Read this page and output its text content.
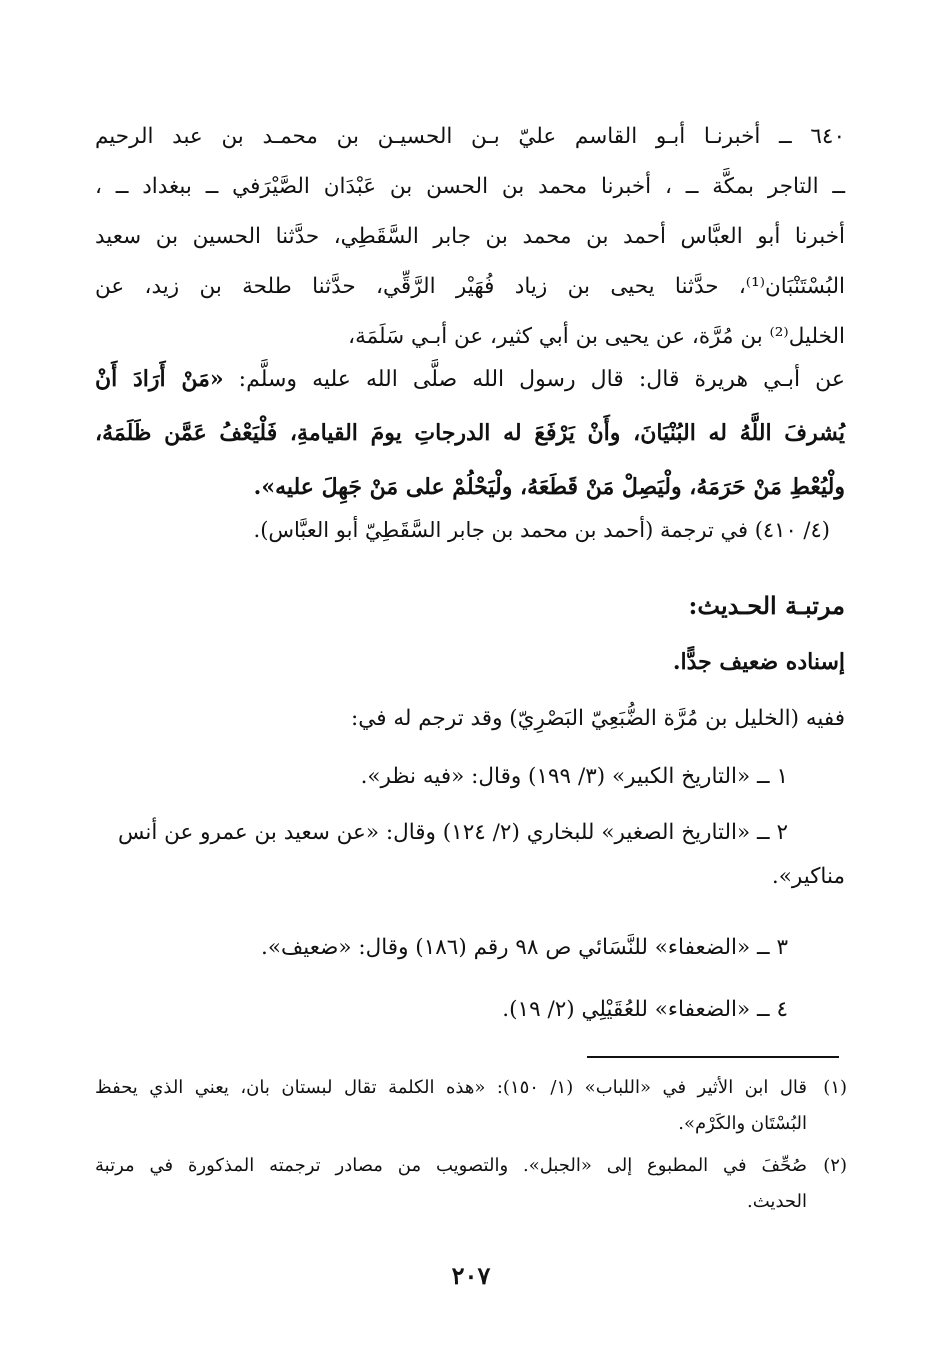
٦٤٠ ــ أخبرنـا أبـو القاسم عليّ بـن الحسيـن بن محمـد بن عبد الرحيم
ــ التاجر بمكَّة ــ ، أخبرنا محمد بن الحسن بن عَبْدَان الصَّيْرَفي ــ ببغداد ــ ،
أخبرنا أبو العبَّاس أحمد بن محمد بن جابر السَّقَطِي، حدَّثنا الحسين بن سعيد
البُسْتَنْبَان⁽¹⁾، حدَّثنا يحيى بن زياد فُهَيْر الرَّقِّي، حدَّثنا طلحة بن زيد، عن
الخليل⁽²⁾ بن مُرَّة، عن يحيى بن أبي كثير، عن أبـي سَلَمَة،
عن أبـي هريرة قال: قال رسول الله صلَّى الله عليه وسلَّم: «مَنْ أَرَادَ أَنْ
يُشرفَ اللَّهُ له البُنْيَانَ، وأَنْ يَرْفَعَ له الدرجاتِ يومَ القيامةِ، فَلْيَعْفُ عَمَّن ظَلَمَهُ،
ولْيُعْطِ مَنْ حَرَمَهُ، ولْيَصِلْ مَنْ قَطَعَهُ، ولْيَحْلُمْ على مَنْ جَهِلَ عليه».
(٤/ ٤١٠) في ترجمة (أحمد بن محمد بن جابر السَّقَطِيّ أبو العبَّاس).
مرتبـة الحـديث:
إسناده ضعيف جدًّا.
ففيه (الخليل بن مُرَّة الضُّبَعِيّ البَصْرِيّ) وقد ترجم له في:
١ ــ «التاريخ الكبير» (٣/ ١٩٩) وقال: «فيه نظر».
٢ ــ «التاريخ الصغير» للبخاري (٢/ ١٢٤) وقال: «عن سعيد بن عمرو عن أنس مناكير».
٣ ــ «الضعفاء» للنَّسَائي ص ٩٨ رقم (١٨٦) وقال: «ضعيف».
٤ ــ «الضعفاء» للعُقَيْلِي (٢/ ١٩).
(١)قال ابن الأثير في «اللباب» (١/ ١٥٠): «هذه الكلمة تقال لبستان بان، يعني الذي يحفظ
البُسْتَان والكَرْم».
(٢)صُحِّفَ في المطبوع إلى «الجبل». والتصويب من مصادر ترجمته المذكورة في مرتبة
الحديث.
٢٠٧
